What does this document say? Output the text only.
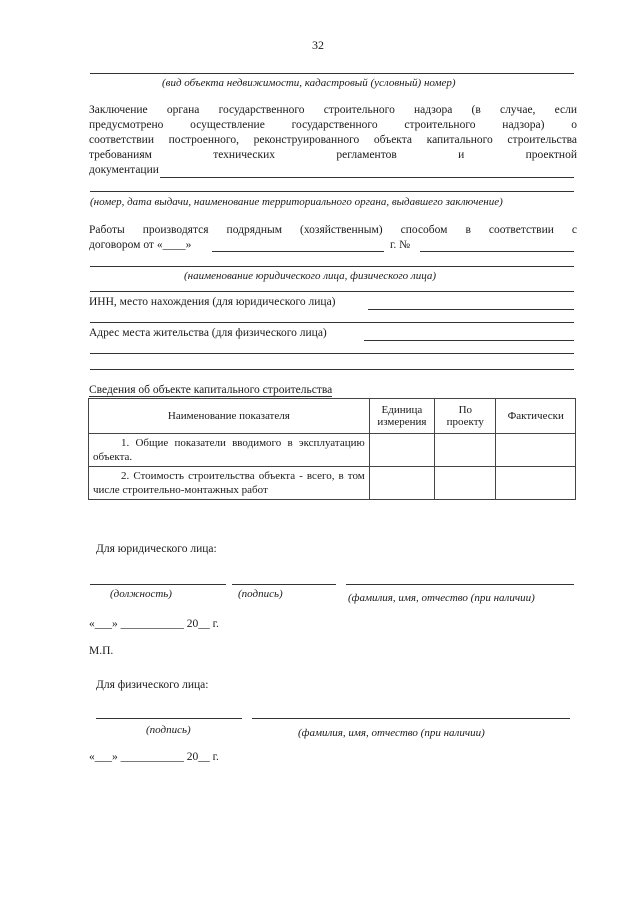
32
(вид объекта недвижимости, кадастровый (условный) номер)
Заключение органа государственного строительного надзора (в случае, если
предусмотрено осуществление государственного строительного надзора) о
соответствии построенного, реконструированного объекта капитального строительства
требованиям технических регламентов и проектной
документации
(номер, дата выдачи, наименование территориального органа, выдавшего заключение)
Работы производятся подрядным (хозяйственным) способом в соответствии с
договором от «____»	г. №
(наименование юридического лица, физического лица)
ИНН, место нахождения (для юридического лица)
Адрес места жительства (для физического лица)
Сведения об объекте капитального строительства
Наименование показателя	Единица измерения	По проекту	Фактически
1. Общие показатели вводимого в эксплуатацию объекта.			
2. Стоимость строительства объекта - всего, в том числе строительно-монтажных работ			
Для юридического лица:
(должность)	(подпись)	(фамилия, имя, отчество (при наличии)
«___» ___________ 20__ г.
М.П.
Для физического лица:
(подпись)	(фамилия, имя, отчество (при наличии)
«___» ___________ 20__ г.
